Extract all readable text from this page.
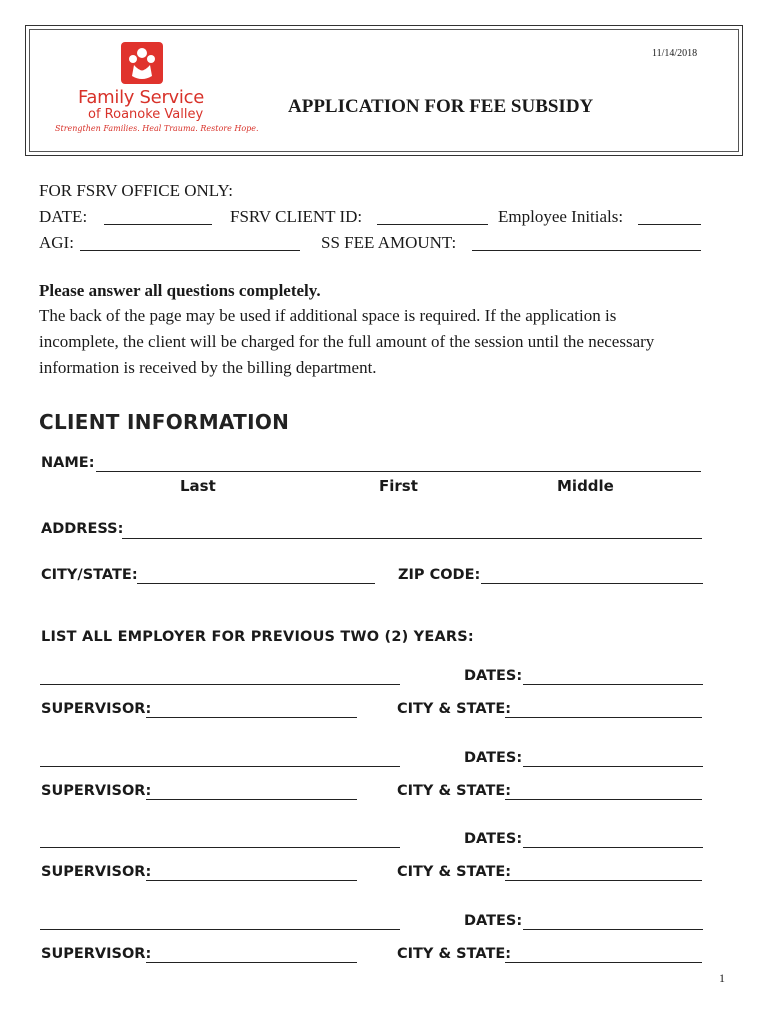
Family Service
of Roanoke Valley
Strengthen Families. Heal Trauma. Restore Hope.
11/14/2018
APPLICATION FOR FEE SUBSIDY
FOR FSRV OFFICE ONLY:
DATE:	FSRV CLIENT ID:	Employee Initials:
AGI:	SS FEE AMOUNT:
Please answer all questions completely.
The back of the page may be used if additional space is required. If the application is
incomplete, the client will be charged for the full amount of the session until the necessary
information is received by the billing department.
CLIENT INFORMATION
NAME:
Last	First	Middle
ADDRESS:
CITY/STATE:	ZIP CODE:
LIST ALL EMPLOYER FOR PREVIOUS TWO (2) YEARS:
DATES:
SUPERVISOR:	CITY & STATE:
DATES:
SUPERVISOR:	CITY & STATE:
DATES:
SUPERVISOR:	CITY & STATE:
DATES:
SUPERVISOR:	CITY & STATE:
1
